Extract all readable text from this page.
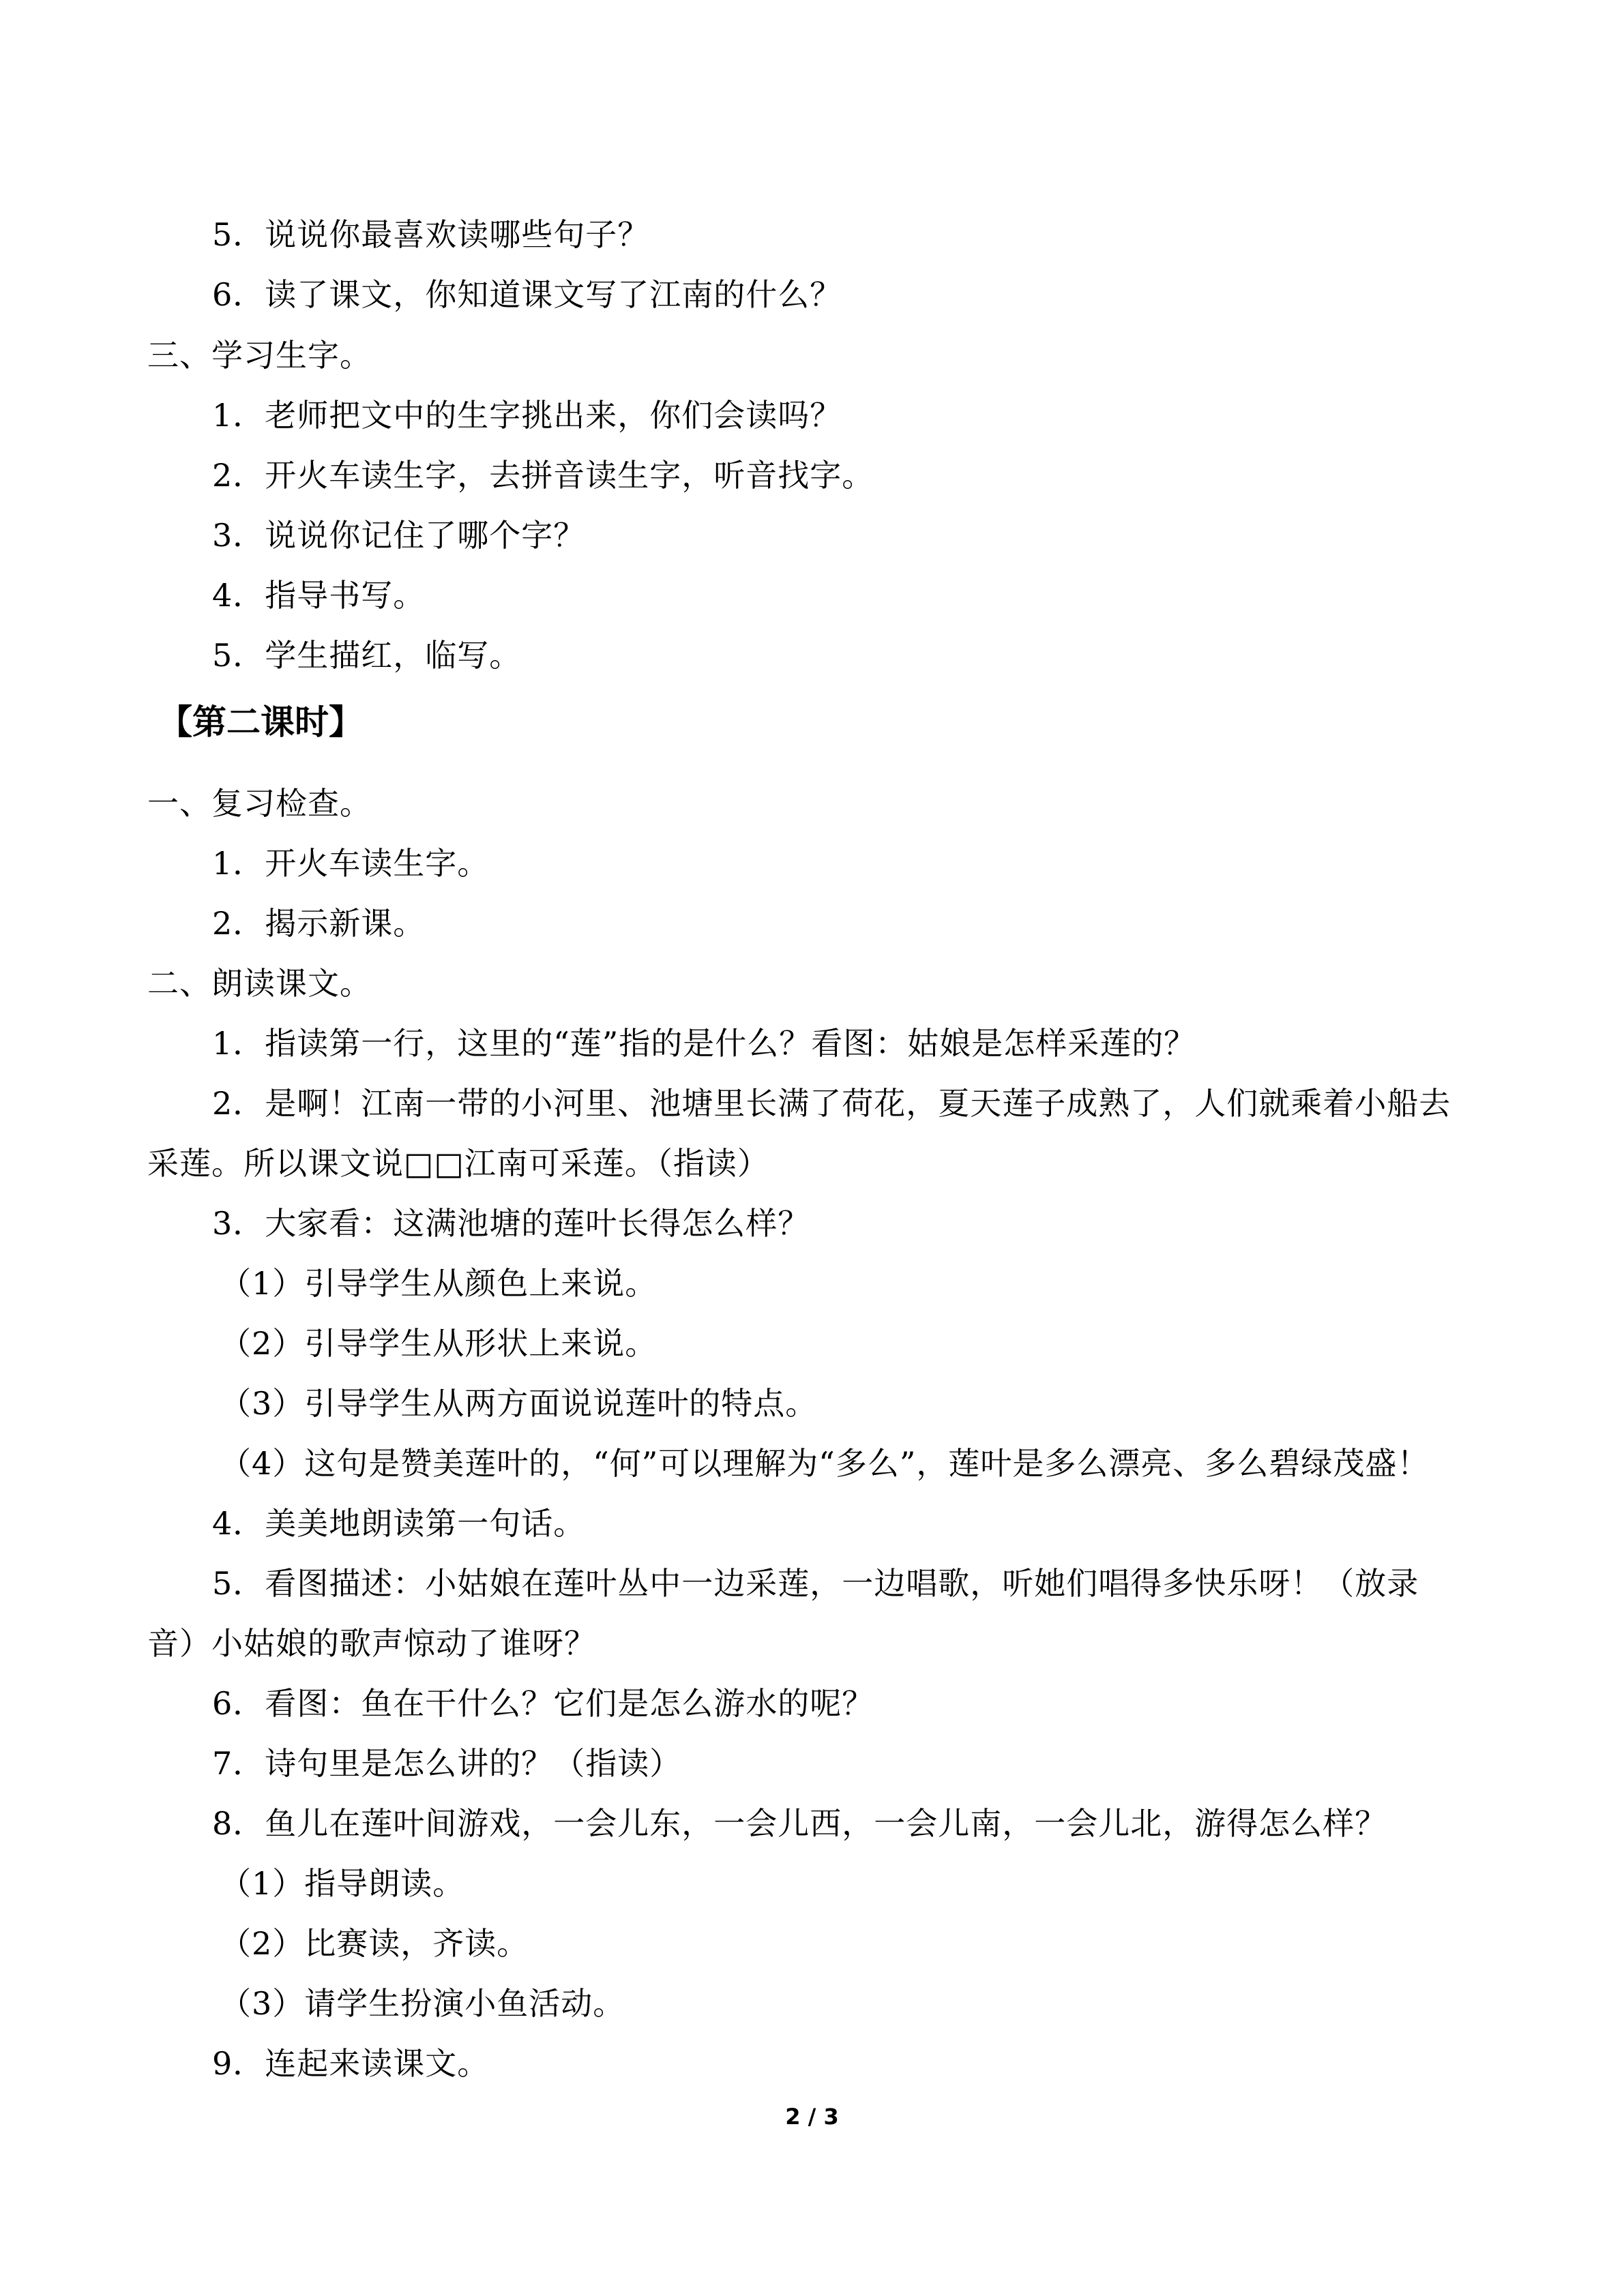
5．说说你最喜欢读哪些句子？
6．读了课文，你知道课文写了江南的什么？
三、学习生字。
1．老师把文中的生字挑出来，你们会读吗？
2．开火车读生字，去拼音读生字，听音找字。
3．说说你记住了哪个字？
4．指导书写。
5．学生描红，临写。
【第二课时】
一、复习检查。
1．开火车读生字。
2．揭示新课。
二、朗读课文。
1．指读第一行，这里的“莲”指的是什么？看图：姑娘是怎样采莲的？
2．是啊！江南一带的小河里、池塘里长满了荷花，夏天莲子成熟了，人们就乘着小船去
采莲。所以课文说□□江南可采莲。（指读）
3．大家看：这满池塘的莲叶长得怎么样？
（1）引导学生从颜色上来说。
（2）引导学生从形状上来说。
（3）引导学生从两方面说说莲叶的特点。
（4）这句是赞美莲叶的，“何”可以理解为“多么”，莲叶是多么漂亮、多么碧绿茂盛！
4．美美地朗读第一句话。
5．看图描述：小姑娘在莲叶丛中一边采莲，一边唱歌，听她们唱得多快乐呀！（放录
音）小姑娘的歌声惊动了谁呀？
6．看图：鱼在干什么？它们是怎么游水的呢？
7．诗句里是怎么讲的？（指读）
8．鱼儿在莲叶间游戏，一会儿东，一会儿西，一会儿南，一会儿北，游得怎么样？
（1）指导朗读。
（2）比赛读，齐读。
（3）请学生扮演小鱼活动。
9．连起来读课文。
2 / 3
